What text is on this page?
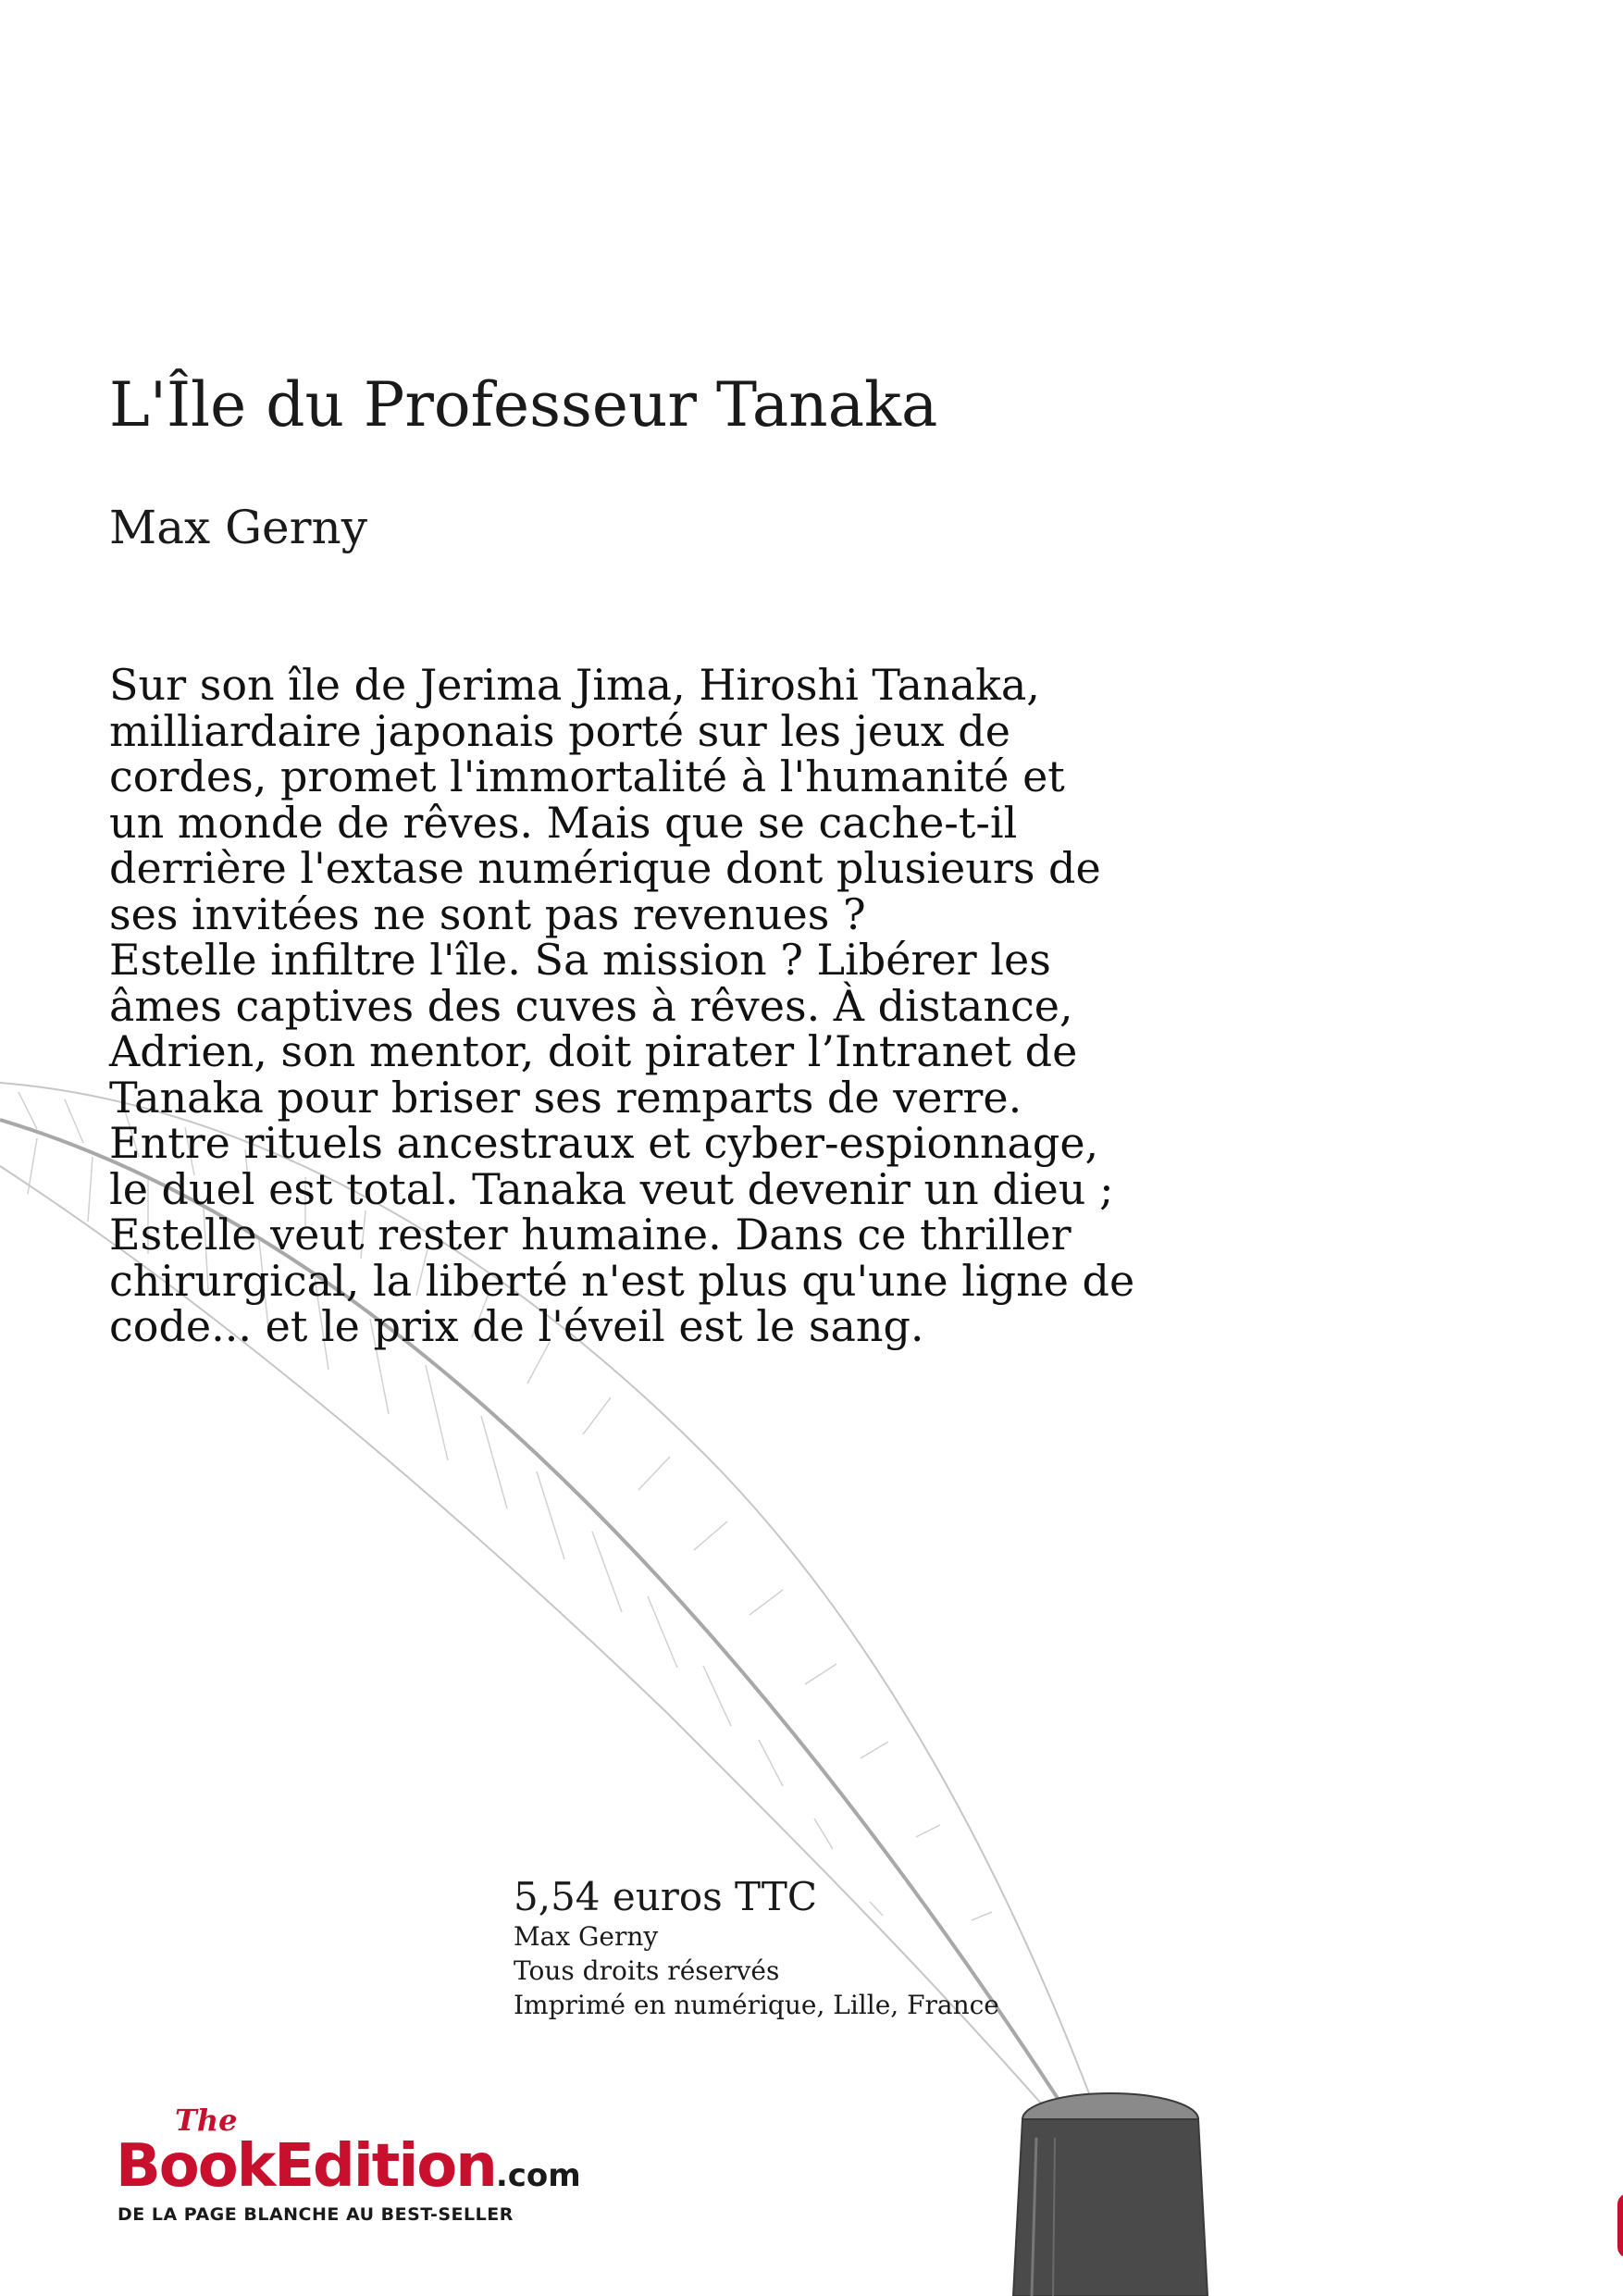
L'Île du Professeur Tanaka
Max Gerny
Sur son île de Jerima Jima, Hiroshi Tanaka,
milliardaire japonais porté sur les jeux de
cordes, promet l'immortalité à l'humanité et
un monde de rêves. Mais que se cache-t-il
derrière l'extase numérique dont plusieurs de
ses invitées ne sont pas revenues ?
Estelle infiltre l'île. Sa mission ? Libérer les
âmes captives des cuves à rêves. À distance,
Adrien, son mentor, doit pirater l’Intranet de
Tanaka pour briser ses remparts de verre.
Entre rituels ancestraux et cyber-espionnage,
le duel est total. Tanaka veut devenir un dieu ;
Estelle veut rester humaine. Dans ce thriller
chirurgical, la liberté n'est plus qu'une ligne de
code... et le prix de l'éveil est le sang.
5,54 euros TTC
Max Gerny
Tous droits réservés
Imprimé en numérique, Lille, France
The
BookEdition.com
DE LA PAGE BLANCHE AU BEST-SELLER
